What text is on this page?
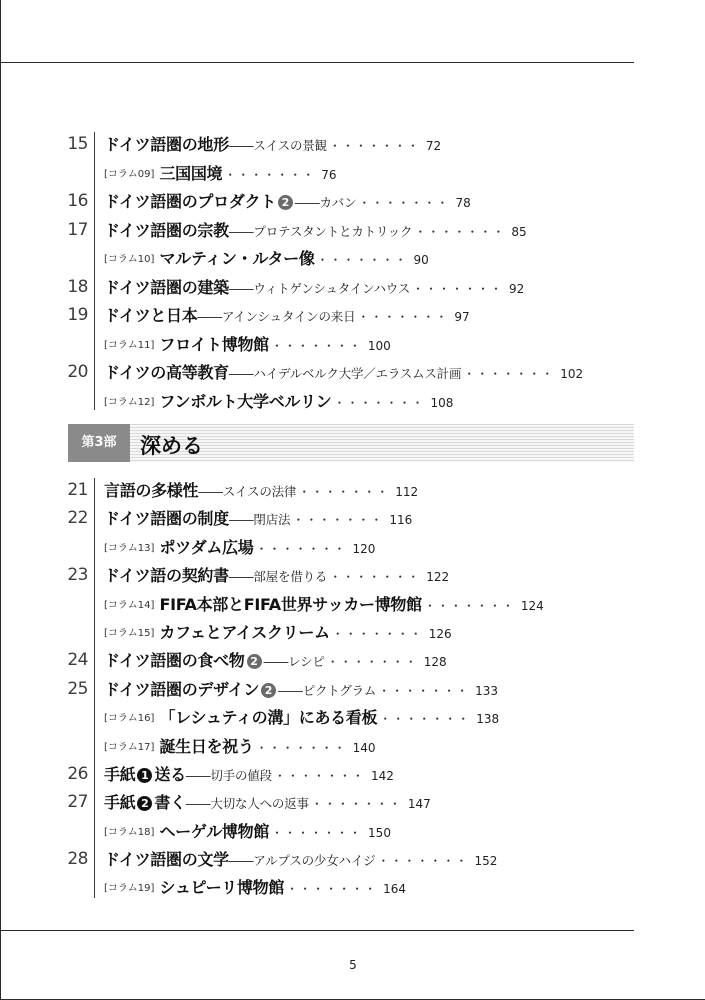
15 ドイツ語圏の地形――スイスの景観 ・・・・・・・ 72
[コラム09] 三国国境 ・・・・・・・ 76
16 ドイツ語圏のプロダクト 2 ――カバン ・・・・・・・ 78
17 ドイツ語圏の宗教――プロテスタントとカトリック ・・・・・・・ 85
[コラム10] マルティン・ルター像 ・・・・・・・ 90
18 ドイツ語圏の建築――ウィトゲンシュタインハウス ・・・・・・・ 92
19 ドイツと日本――アインシュタインの来日 ・・・・・・・ 97
[コラム11] フロイト博物館 ・・・・・・・ 100
20 ドイツの高等教育――ハイデルベルク大学／エラスムス計画 ・・・・・・・ 102
[コラム12] フンボルト大学ベルリン ・・・・・・・ 108
第3部	深める
21 言語の多様性――スイスの法律 ・・・・・・・ 112
22 ドイツ語圏の制度――閉店法 ・・・・・・・ 116
[コラム13] ポツダム広場 ・・・・・・・ 120
23 ドイツ語の契約書――部屋を借りる ・・・・・・・ 122
[コラム14] FIFA本部とFIFA世界サッカー博物館 ・・・・・・・ 124
[コラム15] カフェとアイスクリーム ・・・・・・・ 126
24 ドイツ語圏の食べ物 2 ――レシピ ・・・・・・・ 128
25 ドイツ語圏のデザイン 2 ――ピクトグラム ・・・・・・・ 133
[コラム16] 「レシュティの溝」にある看板 ・・・・・・・ 138
[コラム17] 誕生日を祝う ・・・・・・・ 140
26 手紙 1 送る――切手の値段 ・・・・・・・ 142
27 手紙 2 書く――大切な人への返事 ・・・・・・・ 147
[コラム18] ヘーゲル博物館 ・・・・・・・ 150
28 ドイツ語圏の文学――アルプスの少女ハイジ ・・・・・・・ 152
[コラム19] シュピーリ博物館 ・・・・・・・ 164
5
